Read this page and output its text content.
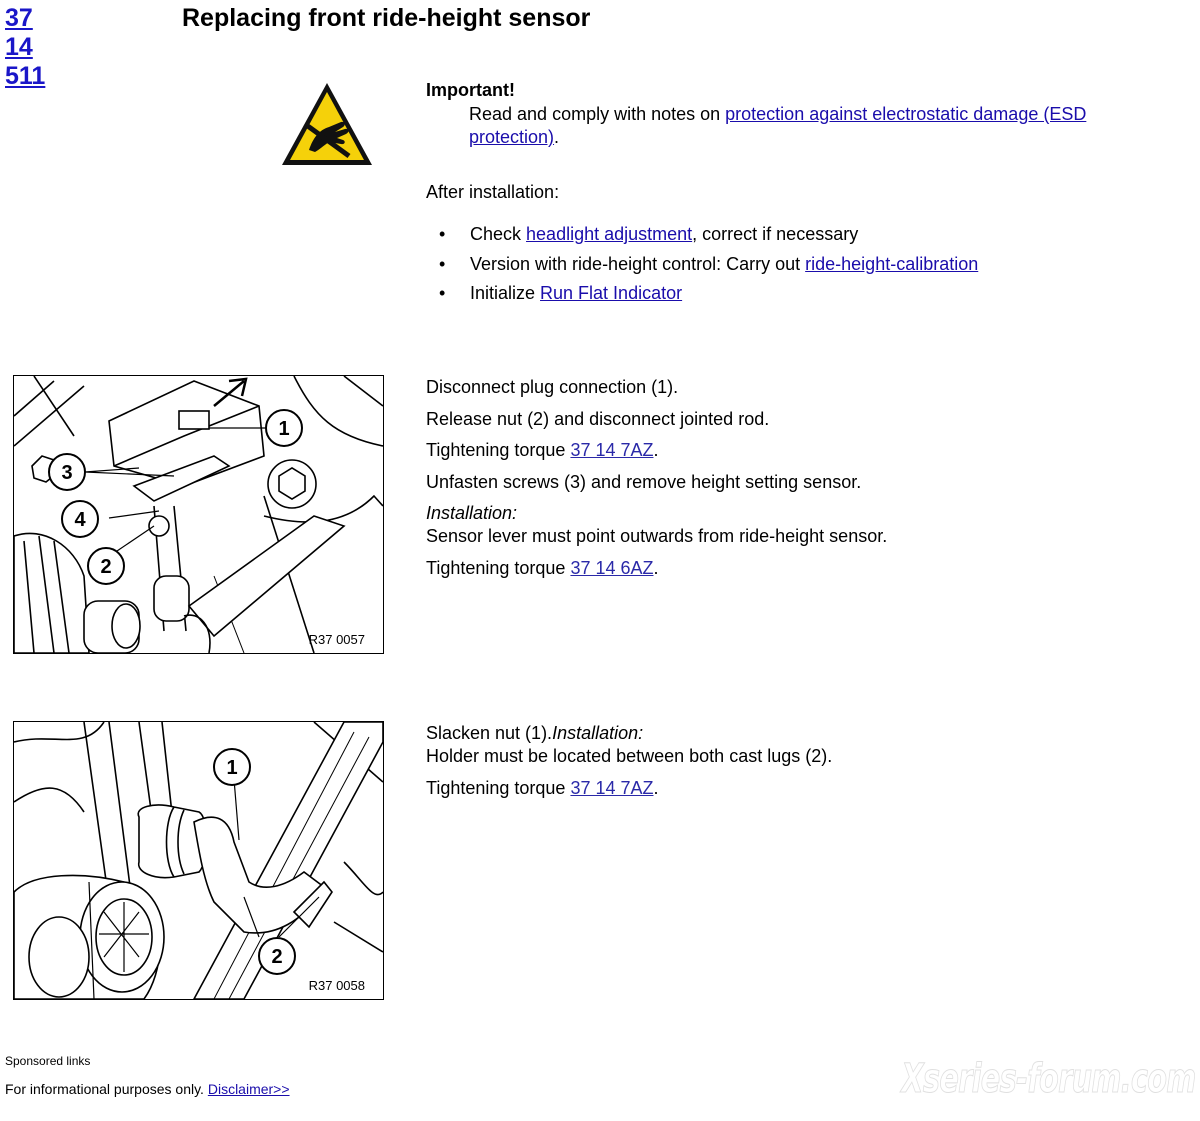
37 14 511
Replacing front ride-height sensor
Important!
Read and comply with notes on protection against electrostatic damage (ESD protection).
After installation:
• Check headlight adjustment, correct if necessary
• Version with ride-height control: Carry out ride-height-calibration
• Initialize Run Flat Indicator
1
3
4
2
R37 0057
Disconnect plug connection (1).
Release nut (2) and disconnect jointed rod.
Tightening torque 37 14 7AZ.
Unfasten screws (3) and remove height setting sensor.
Installation:
Sensor lever must point outwards from ride-height sensor.
Tightening torque 37 14 6AZ.
1
2
R37 0058
Slacken nut (1).Installation:
Holder must be located between both cast lugs (2).
Tightening torque 37 14 7AZ.
Sponsored links
For informational purposes only. Disclaimer>>	Xseries-forum.com
